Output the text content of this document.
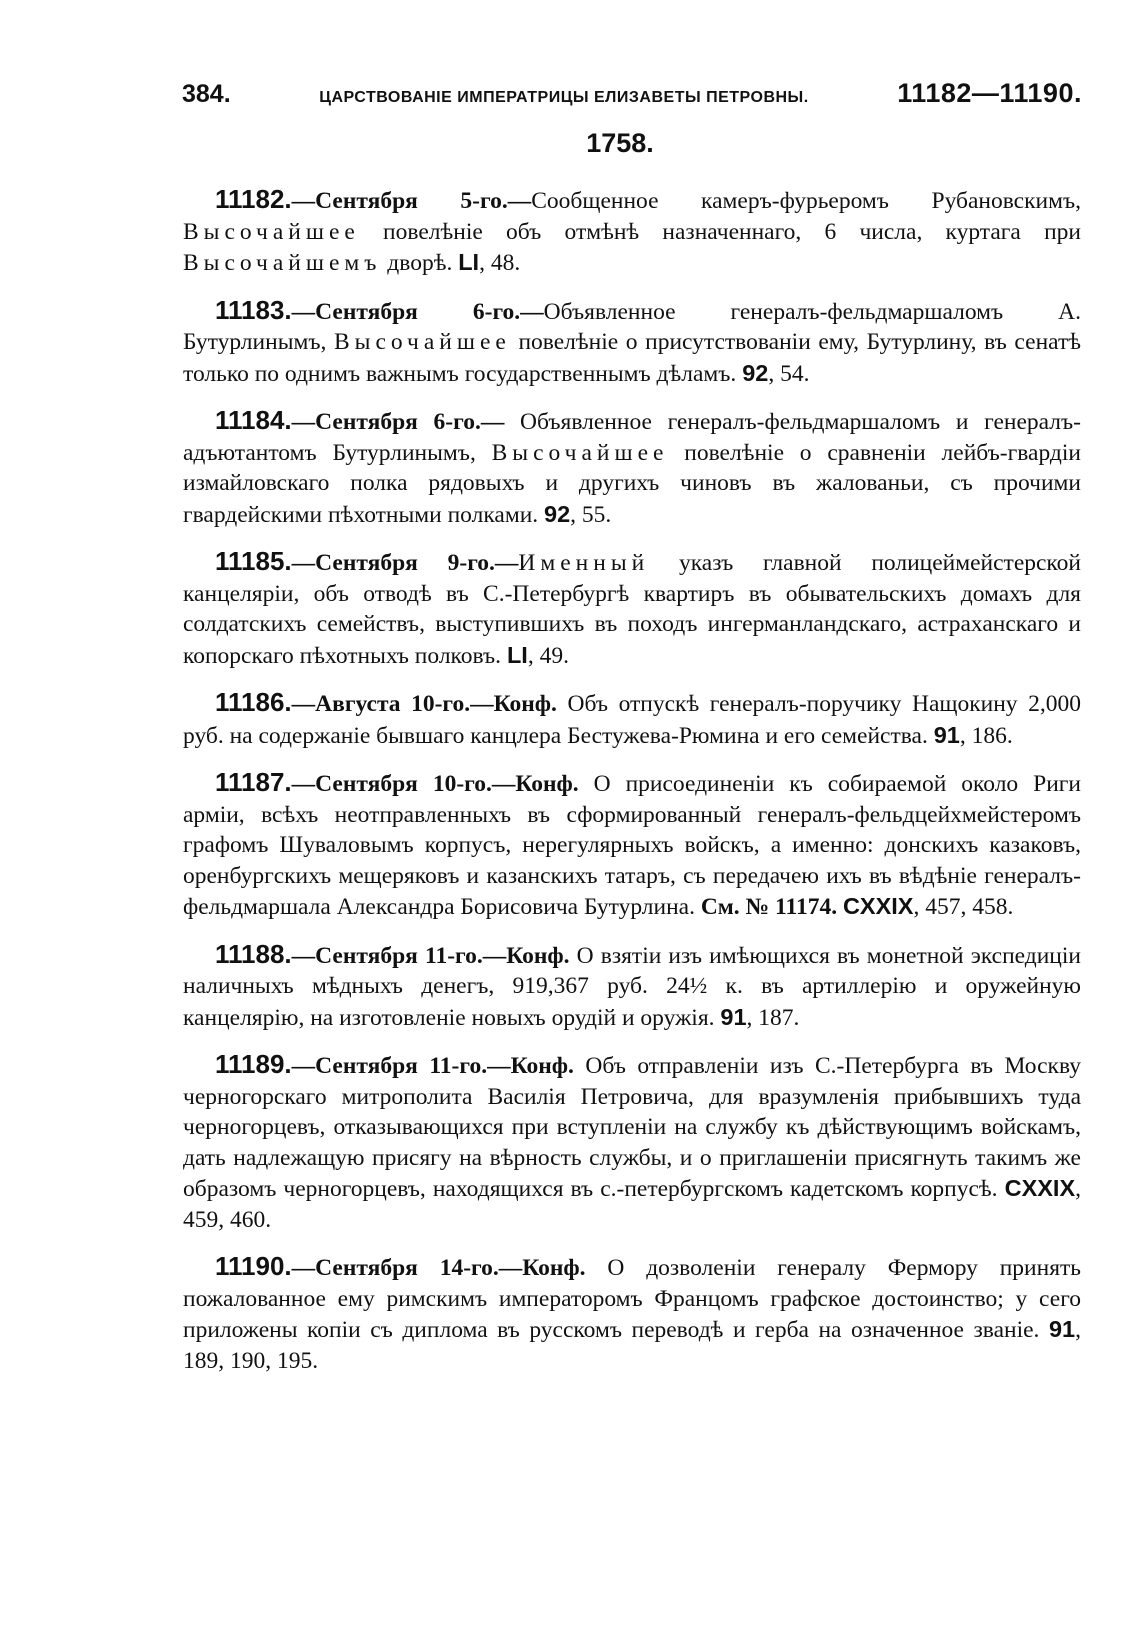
384.	ЦАРСТВОВАНІЕ ИМПЕРАТРИЦЫ ЕЛИЗАВЕТЫ ПЕТРОВНЫ.	11182—11190.
1758.

11182.—Сентября 5-го.—Сообщенное камеръ-фурьеромъ Рубановскимъ, Высочайшее повелѣніе объ отмѣнѣ назначеннаго, 6 числа, куртага при Высочайшемъ дворѣ. LI, 48.

11183.—Сентября 6-го.—Объявленное генералъ-фельдмаршаломъ А. Бутурлинымъ, Высочайшее повелѣніе о присутствованіи ему, Бутурлину, въ сенатѣ только по однимъ важнымъ государственнымъ дѣламъ. 92, 54.

11184.—Сентября 6-го.— Объявленное генералъ-фельдмаршаломъ и генералъ-адъютантомъ Бутурлинымъ, Высочайшее повелѣніе о сравненіи лейбъ-гвардіи измайловскаго полка рядовыхъ и другихъ чиновъ въ жалованьи, съ прочими гвардейскими пѣхотными полками. 92, 55.

11185.—Сентября 9-го.—Именный указъ главной полицеймейстерской канцеляріи, объ отводѣ въ С.-Петербургѣ квартиръ въ обывательскихъ домахъ для солдатскихъ семействъ, выступившихъ въ походъ ингерманландскаго, астраханскаго и копорскаго пѣхотныхъ полковъ. LI, 49.

11186.—Августа 10-го.—Конф. Объ отпускѣ генералъ-поручику Нащокину 2,000 руб. на содержаніе бывшаго канцлера Бестужева-Рюмина и его семейства. 91, 186.

11187.—Сентября 10-го.—Конф. О присоединеніи къ собираемой около Риги арміи, всѣхъ неотправленныхъ въ сформированный генералъ-фельдцейхмейстеромъ графомъ Шуваловымъ корпусъ, нерегулярныхъ войскъ, а именно: донскихъ казаковъ, оренбургскихъ мещеряковъ и казанскихъ татаръ, съ передачею ихъ въ вѣдѣніе генералъ-фельдмаршала Александра Борисовича Бутурлина. См. № 11174. CXXIX, 457, 458.

11188.—Сентября 11-го.—Конф. О взятіи изъ имѣющихся въ монетной экспедиціи наличныхъ мѣдныхъ денегъ, 919,367 руб. 24½ к. въ артиллерію и оружейную канцелярію, на изготовленіе новыхъ орудій и оружія. 91, 187.

11189.—Сентября 11-го.—Конф. Объ отправленіи изъ С.-Петербурга въ Москву черногорскаго митрополита Василія Петровича, для вразумленія прибывшихъ туда черногорцевъ, отказывающихся при вступленіи на службу къ дѣйствующимъ войскамъ, дать надлежащую присягу на вѣрность службы, и о приглашеніи присягнуть такимъ же образомъ черногорцевъ, находящихся въ с.-петербургскомъ кадетскомъ корпусѣ. CXXIX, 459, 460.

11190.—Сентября 14-го.—Конф. О дозволеніи генералу Фермору принять пожалованное ему римскимъ императоромъ Францомъ графское достоинство; у сего приложены копіи съ диплома въ русскомъ переводѣ и герба на означенное званіе. 91, 189, 190, 195.
